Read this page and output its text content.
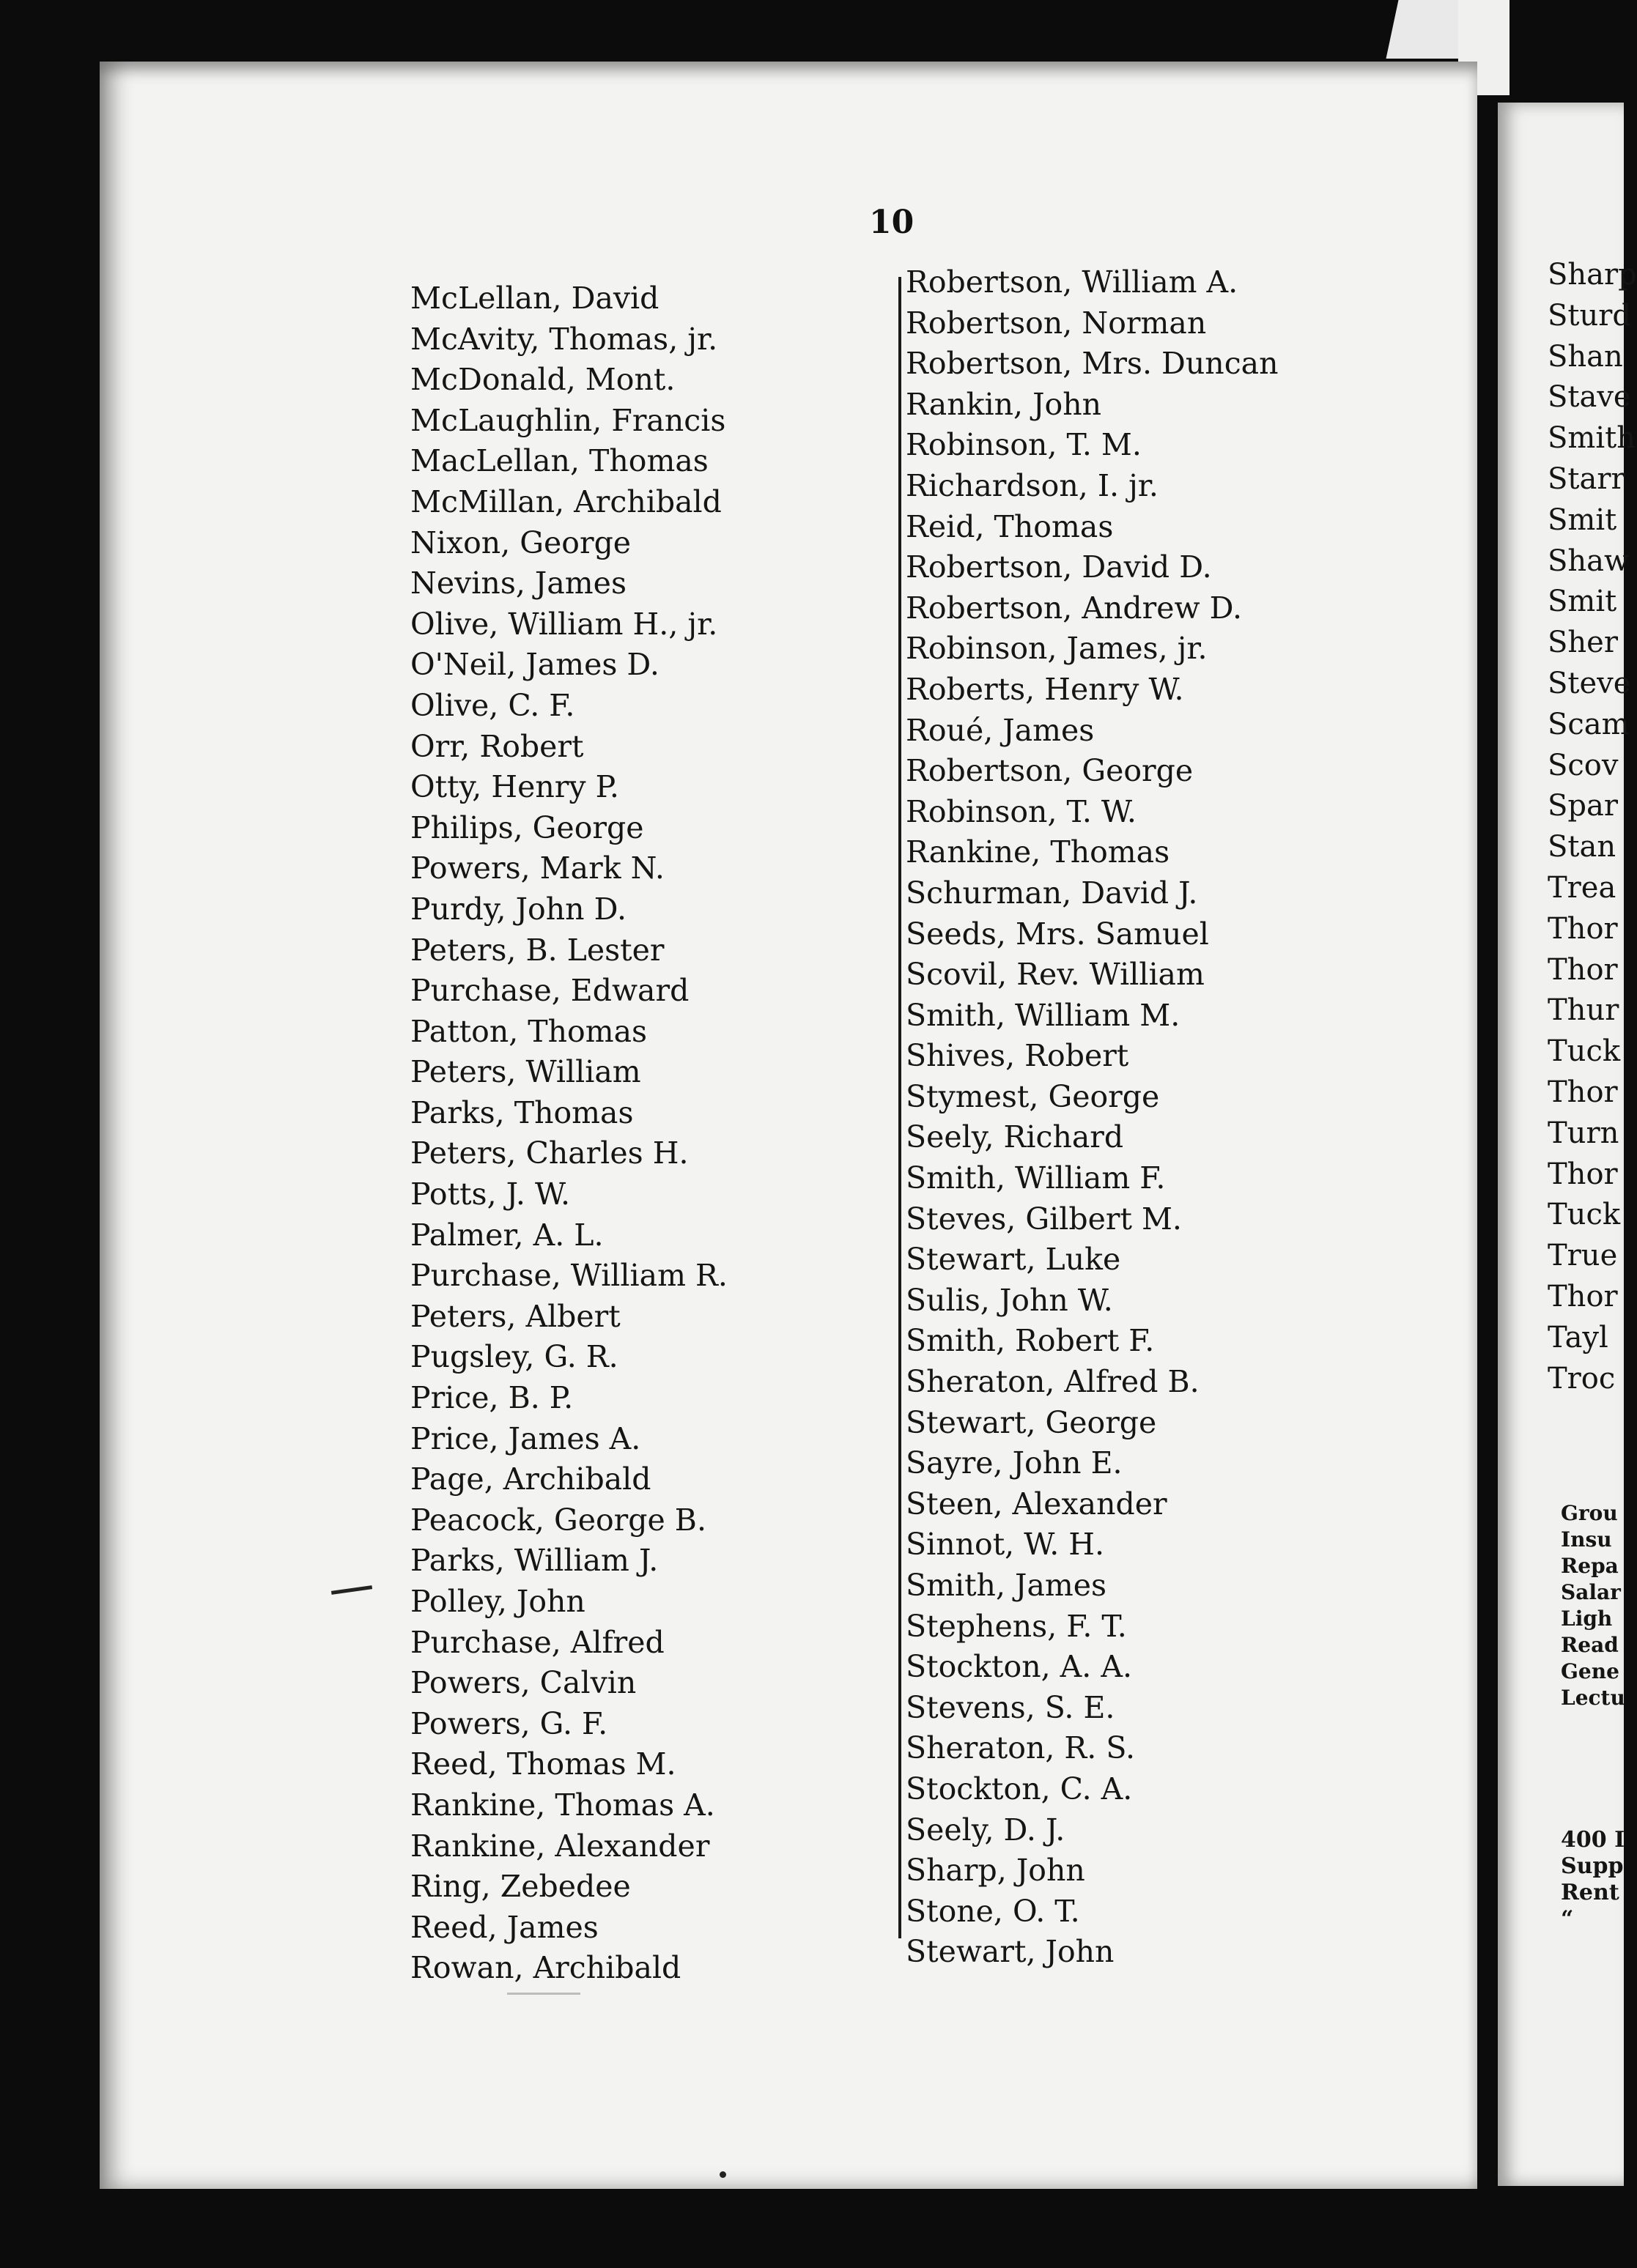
10
McLellan, David
McAvity, Thomas, jr.
McDonald, Mont.
McLaughlin, Francis
MacLellan, Thomas
McMillan, Archibald
Nixon, George
Nevins, James
Olive, William H., jr.
O'Neil, James D.
Olive, C. F.
Orr, Robert
Otty, Henry P.
Philips, George
Powers, Mark N.
Purdy, John D.
Peters, B. Lester
Purchase, Edward
Patton, Thomas
Peters, William
Parks, Thomas
Peters, Charles H.
Potts, J. W.
Palmer, A. L.
Purchase, William R.
Peters, Albert
Pugsley, G. R.
Price, B. P.
Price, James A.
Page, Archibald
Peacock, George B.
Parks, William J.
Polley, John
Purchase, Alfred
Powers, Calvin
Powers, G. F.
Reed, Thomas M.
Rankine, Thomas A.
Rankine, Alexander
Ring, Zebedee
Reed, James
Rowan, Archibald
Robertson, William A.
Robertson, Norman
Robertson, Mrs. Duncan
Rankin, John
Robinson, T. M.
Richardson, I. jr.
Reid, Thomas
Robertson, David D.
Robertson, Andrew D.
Robinson, James, jr.
Roberts, Henry W.
Roué, James
Robertson, George
Robinson, T. W.
Rankine, Thomas
Schurman, David J.
Seeds, Mrs. Samuel
Scovil, Rev. William
Smith, William M.
Shives, Robert
Stymest, George
Seely, Richard
Smith, William F.
Steves, Gilbert M.
Stewart, Luke
Sulis, John W.
Smith, Robert F.
Sheraton, Alfred B.
Stewart, George
Sayre, John E.
Steen, Alexander
Sinnot, W. H.
Smith, James
Stephens, F. T.
Stockton, A. A.
Stevens, S. E.
Sheraton, R. S.
Stockton, C. A.
Seely, D. J.
Sharp, John
Stone, O. T.
Stewart, John
Sharp
Sturd
Shan
Stave
Smith
Starr
Smit
Shaw
Smit
Sher
Steve
Scam
Scov
Spar
Stan
Trea
Thor
Thor
Thur
Tuck
Thor
Turn
Thor
Tuck
True
Thor
Tayl
Troc
Grou
Insu
Repa
Salar
Ligh
Read
Gene
Lectu
400 I
Supp
Rent
“
